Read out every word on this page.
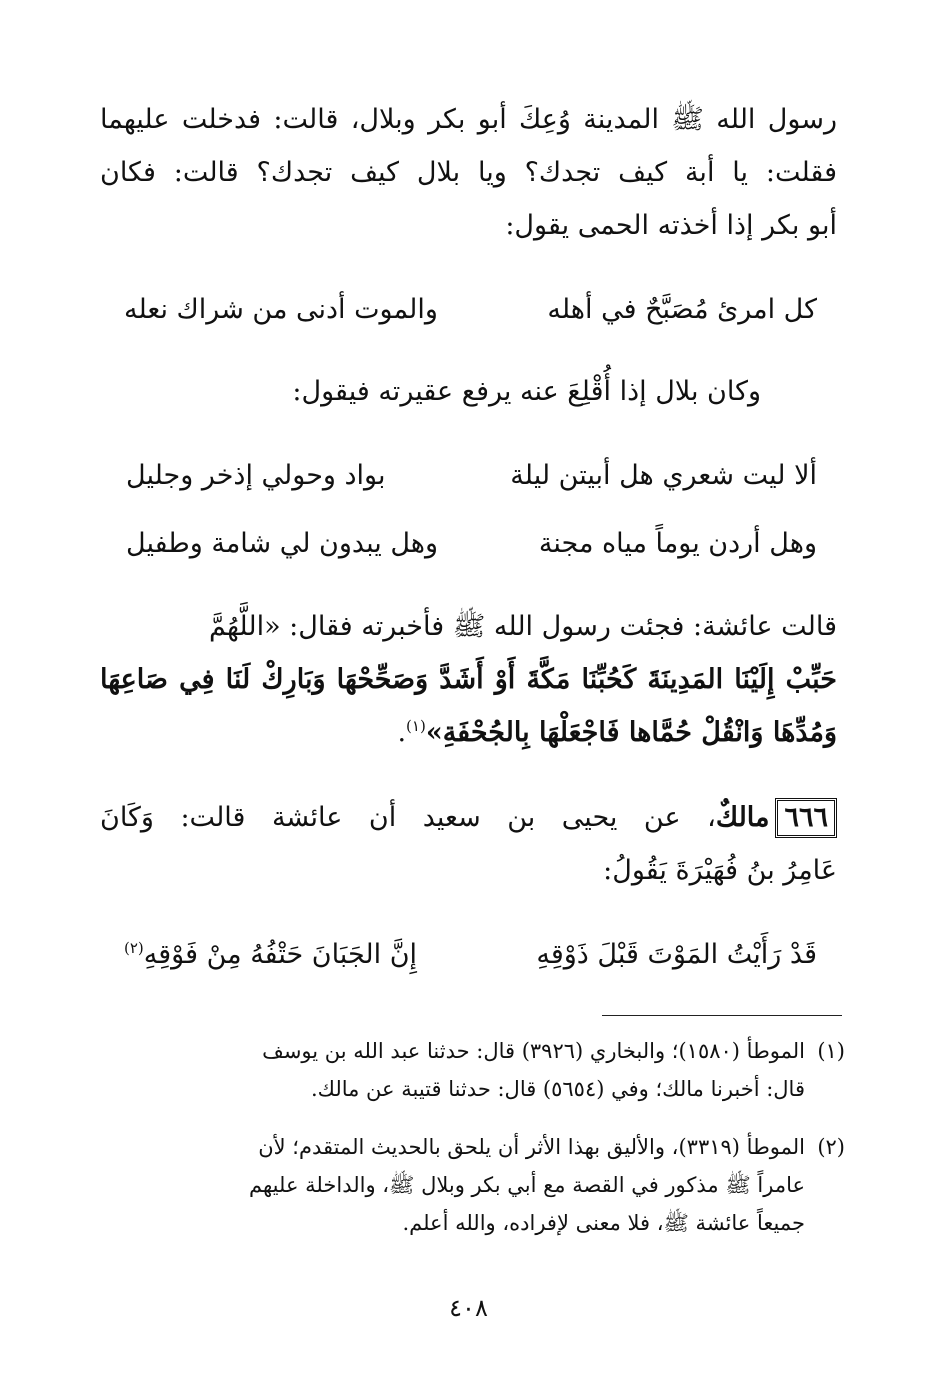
رسول الله ﷺ المدينة وُعِكَ أبو بكر وبلال، قالت: فدخلت عليهما
فقلت: يا أبة كيف تجدك؟ ويا بلال كيف تجدك؟ قالت: فكان
أبو بكر إذا أخذته الحمى يقول:
كل امرئ مُصَبَّحٌ في أهله
والموت أدنى من شراك نعله
وكان بلال إذا أُقْلِعَ عنه يرفع عقيرته فيقول:
ألا ليت شعري هل أبيتن ليلة
بواد وحولي إذخر وجليل
وهل أردن يوماً مياه مجنة
وهل يبدون لي شامة وطفيل
قالت عائشة: فجئت رسول الله ﷺ فأخبرته فقال: «اللَّهُمَّ
حَبِّبْ إِلَيْنَا المَدِينَةَ كَحُبِّنَا مَكَّةَ أَوْ أَشَدَّ وَصَحِّحْهَا وَبَارِكْ لَنَا فِي صَاعِهَا
وَمُدِّهَا وَانْقُلْ حُمَّاها فَاجْعَلْهَا بِالجُحْفَةِ»$^{(١)}$.
٦٦٦مالكٌ، عن يحيى بن سعيد أن عائشة قالت: وَكَانَ
عَامِرُ بنُ فُهَيْرَةَ يَقُولُ:
قَدْ رَأَيْتُ المَوْتَ قَبْلَ ذَوْقِهِ
إِنَّ الجَبَانَ حَتْفُهُ مِنْ فَوْقِهِ$^{(٢)}$
(١)الموطأ (١٥٨٠)؛ والبخاري (٣٩٢٦) قال: حدثنا عبد الله بن يوسف
قال: أخبرنا مالك؛ وفي (٥٦٥٤) قال: حدثنا قتيبة عن مالك.
(٢)الموطأ (٣٣١٩)، والأليق بهذا الأثر أن يلحق بالحديث المتقدم؛ لأن
عامراً ﷺ مذكور في القصة مع أبي بكر وبلال ﷺ، والداخلة عليهم
جميعاً عائشة ﷺ، فلا معنى لإفراده، والله أعلم.
٤٠٨
